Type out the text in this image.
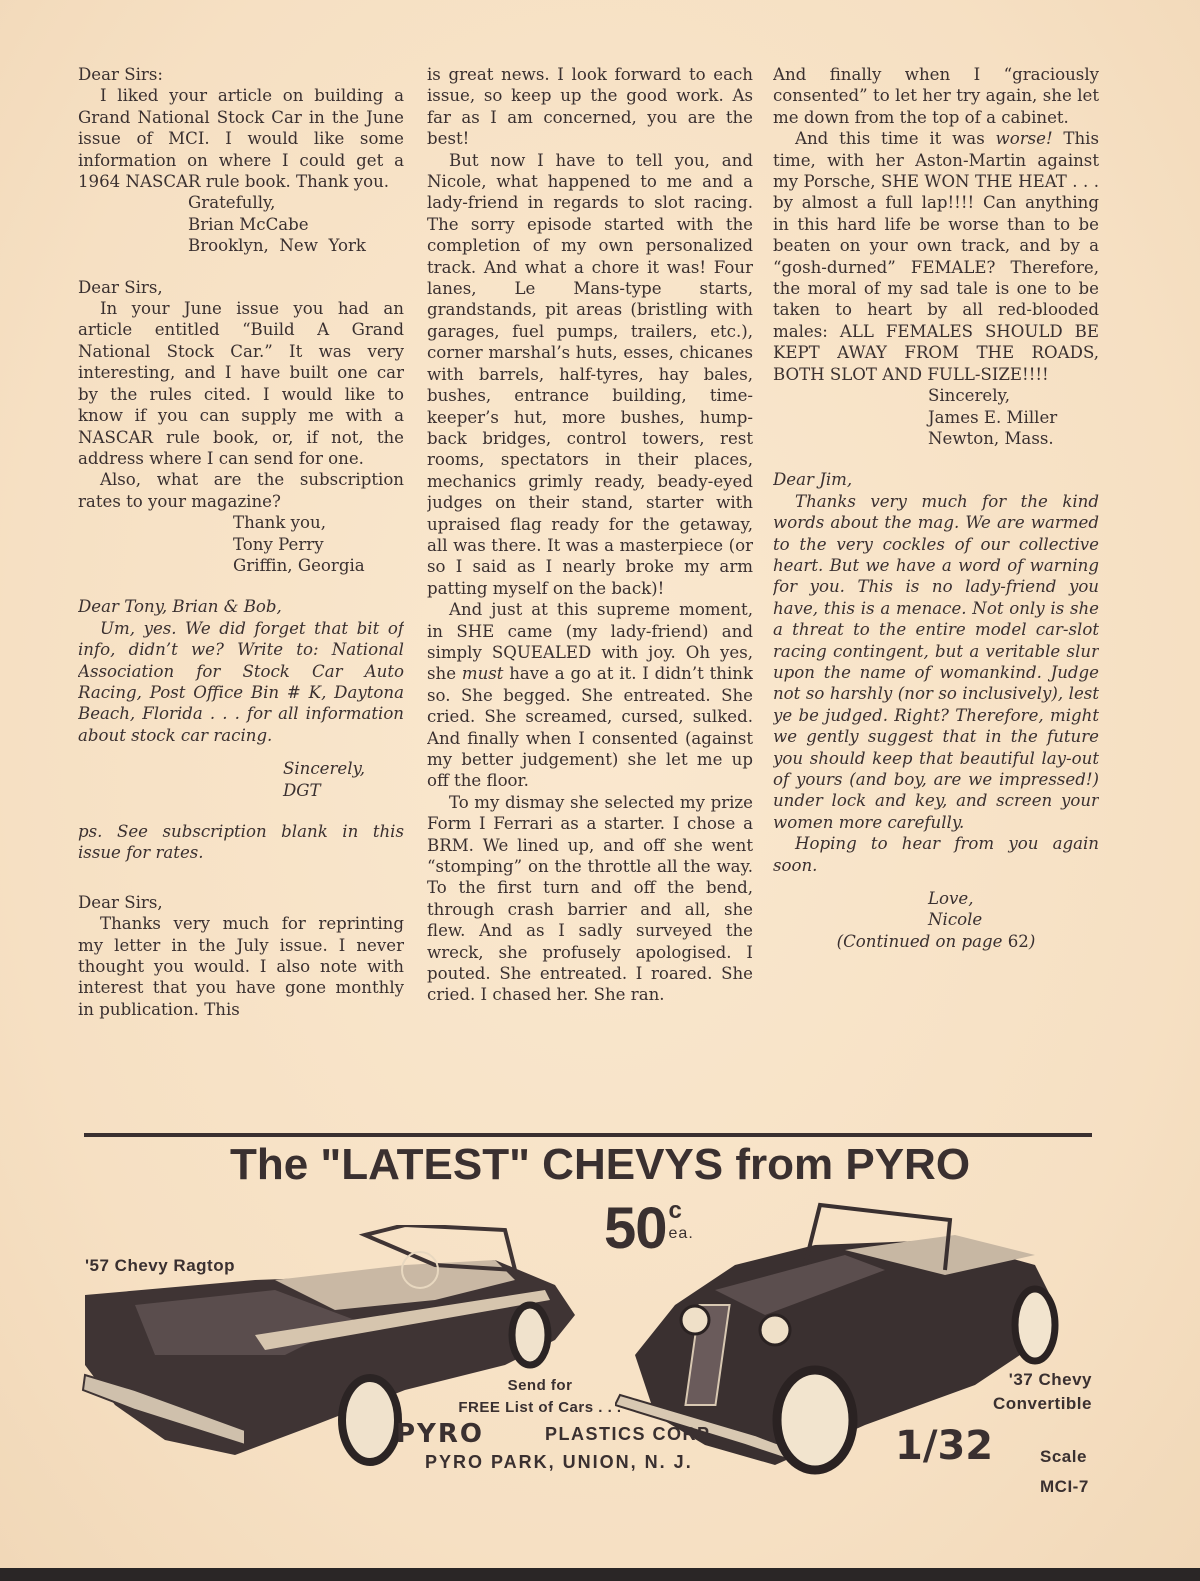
Dear Sirs:

I liked your article on building a Grand National Stock Car in the June issue of MCI. I would like some information on where I could get a 1964 NASCAR rule book. Thank you.

Gratefully,

Brian McCabe

Brooklyn,  New  York

Dear Sirs,

In your June issue you had an article entitled “Build A Grand National Stock Car.” It was very interesting, and I have built one car by the rules cited. I would like to know if you can supply me with a NASCAR rule book, or, if not, the address where I can send for one.

Also, what are the subscription rates to your magazine?

Thank you,

Tony Perry

Griffin, Georgia

Dear Tony, Brian & Bob,

Um, yes. We did forget that bit of info, didn’t we? Write to: National Association for Stock Car Auto Racing, Post Office Bin # K, Daytona Beach, Florida . . . for all information about stock car racing.

Sincerely,

DGT

ps. See subscription blank in this issue for rates.

Dear Sirs,

Thanks very much for reprinting my letter in the July issue. I never thought you would. I also note with interest that you have gone monthly in publication. This

is great news. I look forward to each issue, so keep up the good work. As far as I am concerned, you are the best!

But now I have to tell you, and Nicole, what happened to me and a lady-friend in regards to slot racing. The sorry episode started with the completion of my own personalized track. And what a chore it was! Four lanes, Le Mans-type starts, grandstands, pit areas (bristling with garages, fuel pumps, trailers, etc.), corner marshal’s huts, esses, chicanes with barrels, half-tyres, hay bales, bushes, entrance building, time-keeper’s hut, more bushes, hump-back bridges, control towers, rest rooms, spectators in their places, mechanics grimly ready, beady-eyed judges on their stand, starter with upraised flag ready for the getaway, all was there. It was a masterpiece (or so I said as I nearly broke my arm patting myself on the back)!

And just at this supreme moment, in SHE came (my lady-friend) and simply SQUEALED with joy. Oh yes, she must have a go at it. I didn’t think so. She begged. She entreated. She cried. She screamed, cursed, sulked. And finally when I consented (against my better judgement) she let me up off the floor.

To my dismay she selected my prize Form I Ferrari as a starter. I chose a BRM. We lined up, and off she went “stomping” on the throttle all the way. To the first turn and off the bend, through crash barrier and all, she flew. And as I sadly surveyed the wreck, she profusely apologised. I pouted. She entreated. I roared. She cried. I chased her. She ran.

And finally when I “graciously consented” to let her try again, she let me down from the top of a cabinet.

And this time it was worse! This time, with her Aston-Martin against my Porsche, SHE WON THE HEAT . . . by almost a full lap!!!! Can anything in this hard life be worse than to be beaten on your own track, and by a “gosh-durned” FEMALE? Therefore, the moral of my sad tale is one to be taken to heart by all red-blooded males: ALL FEMALES SHOULD BE KEPT AWAY FROM THE ROADS, BOTH SLOT AND FULL-SIZE!!!!

Sincerely,

James E. Miller

Newton, Mass.

Dear Jim,

Thanks very much for the kind words about the mag. We are warmed to the very cockles of our collective heart. But we have a word of warning for you. This is no lady-friend you have, this is a menace. Not only is she a threat to the entire model car-slot racing contingent, but a veritable slur upon the name of womankind. Judge not so harshly (nor so inclusively), lest ye be judged. Right? Therefore, might we gently suggest that in the future you should keep that beautiful lay-out of yours (and boy, are we impressed!) under lock and key, and screen your women more carefully.

Hoping to hear from you again soon.

Love,

Nicole

(Continued on page 62)

The "LATEST" CHEVYS from PYRO
50 c
ea.
'57 Chevy Ragtop
'37 Chevy
Convertible
Send for
FREE List of Cars . . .
PYRO	PLASTICS CORP.
PYRO PARK, UNION, N. J.	1/32	Scale
MCI-7
